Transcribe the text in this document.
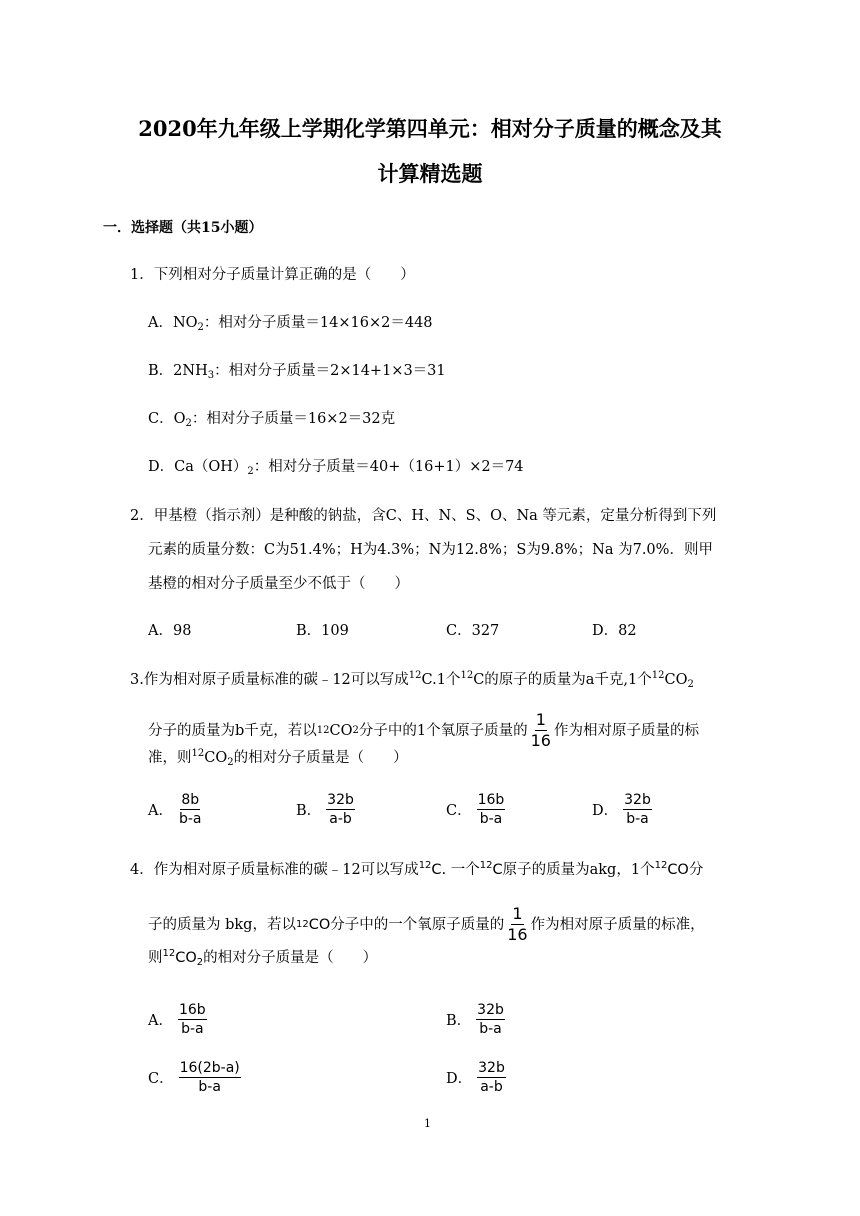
2020年九年级上学期化学第四单元：相对分子质量的概念及其
计算精选题
一．选择题（共15小题）
1．下列相对分子质量计算正确的是（　　）
A．$NO_2$：相对分子质量＝14×16×2＝448
B．$2NH_3$：相对分子质量＝2×14+1×3＝31
C．$O_2$：相对分子质量＝16×2＝32克
D．$Ca(OH)_2$：相对分子质量＝40+（16+1）×2＝74
2．甲基橙（指示剂）是种酸的钠盐，含C、H、N、S、O、Na 等元素，定量分析得到下列
元素的质量分数：C为51.4%；H为4.3%；N为12.8%；S为9.8%；Na 为7.0%．则甲
基橙的相对分子质量至少不低于（　　）
A．98	B．109	C．327	D．82
3.作为相对原子质量标准的碳﹣12可以写成$^{12}$C.1个$^{12}$C的原子的质量为a千克,1个$^{12}CO_2$
分子的质量为b千克，若以 12 CO 2 分子中的1个氧原子质量的 $\frac{1}{16}$ 作为相对原子质量的标
准，则$^{12}CO_2$的相对分子质量是（　　）
A． $\frac{8b}{b-a}$	B． $\frac{32b}{a-b}$	C． $\frac{16b}{b-a}$	D． $\frac{32b}{b-a}$
4．作为相对原子质量标准的碳﹣12可以写成$^{12}$C. 一个$^{12}$C原子的质量为akg，1个$^{12}$CO分
子的质量为 bkg，若以 12 CO 分子中的一个氧原子质量的 $\frac{1}{16}$ 作为相对原子质量的标准，
则$^{12}CO_2$的相对分子质量是（　　）
A． $\frac{16b}{b-a}$	B． $\frac{32b}{b-a}$
C． $\frac{16(2b-a)}{b-a}$	D． $\frac{32b}{a-b}$
1
